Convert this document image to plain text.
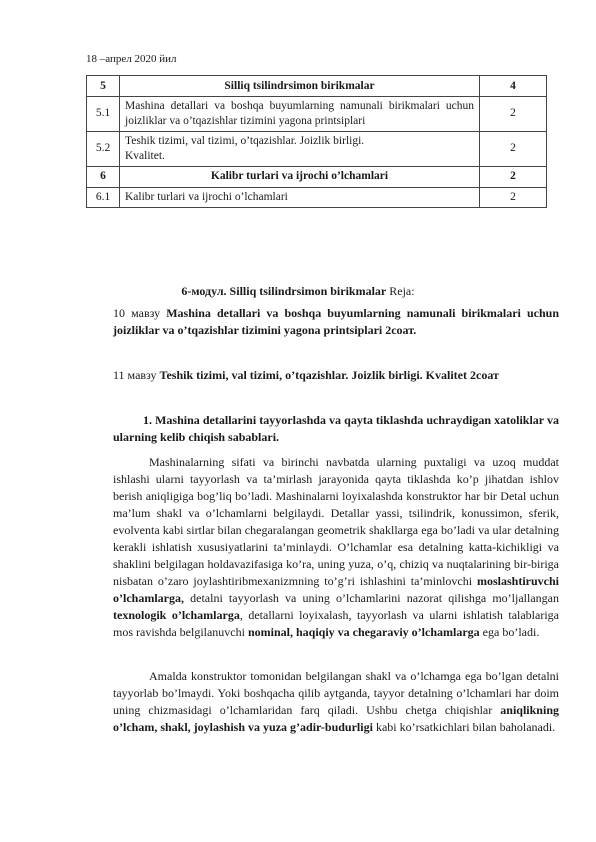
18 –апрел 2020 йил
5	Silliq tsilindrsimon birikmalar	4
5.1	Mashina detallari va boshqa buyumlarning namunali birikmalari uchun joizliklar va o’tqazishlar tizimini yagona printsiplari	2
5.2	Teshik tizimi, val tizimi, o’tqazishlar. Joizlik birligi.
Kvalitet.	2
6	Kalibr turlari va ijrochi o’lchamlari	2
6.1	Kalibr turlari va ijrochi o’lchamlari	2
6-модул. Silliq tsilindrsimon birikmalar Reja:
10 мавзу Mashina detallari va boshqa buyumlarning namunali birikmalari uchun joizliklar va o’tqazishlar tizimini yagona printsiplari 2соат.
11 мавзу Teshik tizimi, val tizimi, o’tqazishlar. Joizlik birligi. Kvalitet 2соат
1. Mashina detallarini tayyorlashda va qayta tiklashda uchraydigan xatoliklar va ularning kelib chiqish sabablari.
Mashinalarning sifati va birinchi navbatda ularning puxtaligi va uzoq muddat ishlashi ularni tayyorlash va ta’mirlash jarayonida qayta tiklashda ko’p jihatdan ishlov berish aniqligiga bog’liq bo’ladi. Mashinalarni loyixalashda konstruktor har bir Detal uchun ma’lum shakl va o’lchamlarni belgilaydi. Detallar yassi, tsilindrik, konussimon, sferik, evolventa kabi sirtlar bilan chegaralangan geometrik shakllarga ega bo’ladi va ular detalning kerakli ishlatish xususiyatlarini ta’minlaydi. O’lchamlar esa detalning katta-kichikligi va shaklini belgilagan holdavazifasiga ko’ra, uning yuza, o’q, chiziq va nuqtalarining bir-biriga nisbatan o’zaro joylashtiribmexanizmning to’g’ri ishlashini ta’minlovchi moslashtiruvchi o’lchamlarga, detalni tayyorlash va uning o’lchamlarini nazorat qilishga mo’ljallangan texnologik o’lchamlarga, detallarni loyixalash, tayyorlash va ularni ishlatish talablariga mos ravishda belgilanuvchi nominal, haqiqiy va chegaraviy o’lchamlarga ega bo’ladi.
Amalda konstruktor tomonidan belgilangan shakl va o’lchamga ega bo’lgan detalni tayyorlab bo’lmaydi. Yoki boshqacha qilib aytganda, tayyor detalning o’lchamlari har doim uning chizmasidagi o’lchamlaridan farq qiladi. Ushbu chetga chiqishlar aniqlikning o’lcham, shakl, joylashish va yuza g’adir-budurligi kabi ko’rsatkichlari bilan baholanadi.
